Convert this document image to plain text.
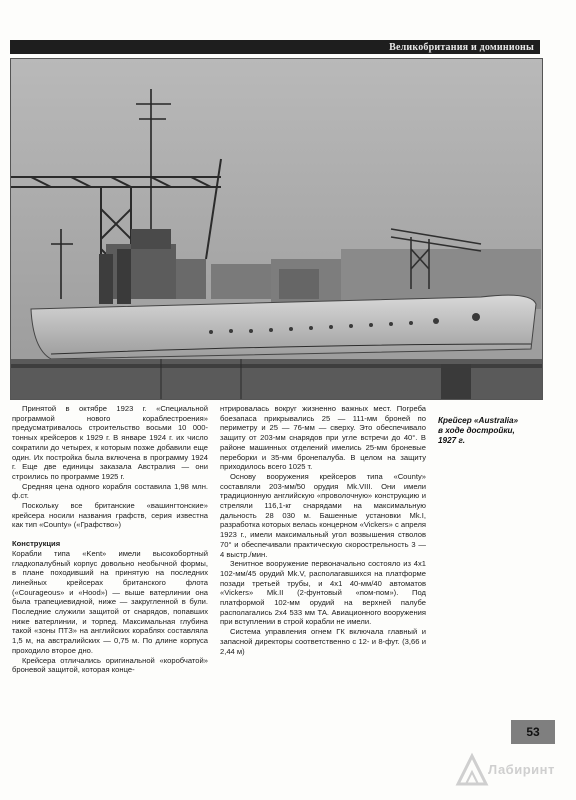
Великобритания и доминионы
Крейсер «Australia»
в ходе достройки,
1927 г.

Принятой в октябре 1923 г. «Специальной программой нового кораблестроения» предусматривалось строительство восьми 10 000-тонных крейсеров к 1929 г. В январе 1924 г. их число сократили до четырех, к которым позже добавили еще один. Их постройка была включена в программу 1924 г. Еще две единицы заказала Австралия — они строились по программе 1925 г.

Средняя цена одного корабля составила 1,98 млн. ф.ст.

Поскольку все британские «вашингтонские» крейсера носили названия графств, серия известна как тип «County» («Графство»)

Конструкция

Корабли типа «Kent» имели высокобортный гладкопалубный корпус довольно необычной формы, в плане походивший на принятую на последних линейных крейсерах британского флота («Courageous» и «Hood») — выше ватерлинии она была трапециевидной, ниже — закругленной в були. Последние служили защитой от снарядов, попавших ниже ватерлинии, и торпед. Максимальная глубина такой «зоны ПТЗ» на английских кораблях составляла 1,5 м, на австралийских — 0,75 м. По длине корпуса проходило второе дно.

Крейсера отличались оригинальной «коробчатой» броневой защитой, которая конце-

нтрировалась вокруг жизненно важных мест. Погреба боезапаса прикрывались 25 — 111-мм броней по периметру и 25 — 76-мм — сверху. Это обеспечивало защиту от 203-мм снарядов при угле встречи до 40°. В районе машинных отделений имелись 25-мм броневые переборки и 35-мм бронепалуба. В целом на защиту приходилось всего 1025 т.

Основу вооружения крейсеров типа «County» составляли 203-мм/50 орудия Mk.VIII. Они имели традиционную английскую «проволочную» конструкцию и стреляли 116,1-кг снарядами на максимальную дальность 28 030 м. Башенные установки Mk.I, разработка которых велась концерном «Vickers» с апреля 1923 г., имели максимальный угол возвышения стволов 70° и обеспечивали практическую скорострельность 3 — 4 выстр./мин.

Зенитное вооружение первоначально состояло из 4х1 102-мм/45 орудий Mk.V, располагавшихся на платформе позади третьей трубы, и 4х1 40-мм/40 автоматов «Vickers» Mk.II (2-фунтовый «пом-пом»). Под платформой 102-мм орудий на верхней палубе располагались 2х4 533 мм ТА. Авиационного вооружения при вступлении в строй корабли не имели.

Система управления огнем ГК включала главный и запасной директоры соответственно с 12- и 8-фут. (3,66 и 2,44 м)

53
Лабиринт
